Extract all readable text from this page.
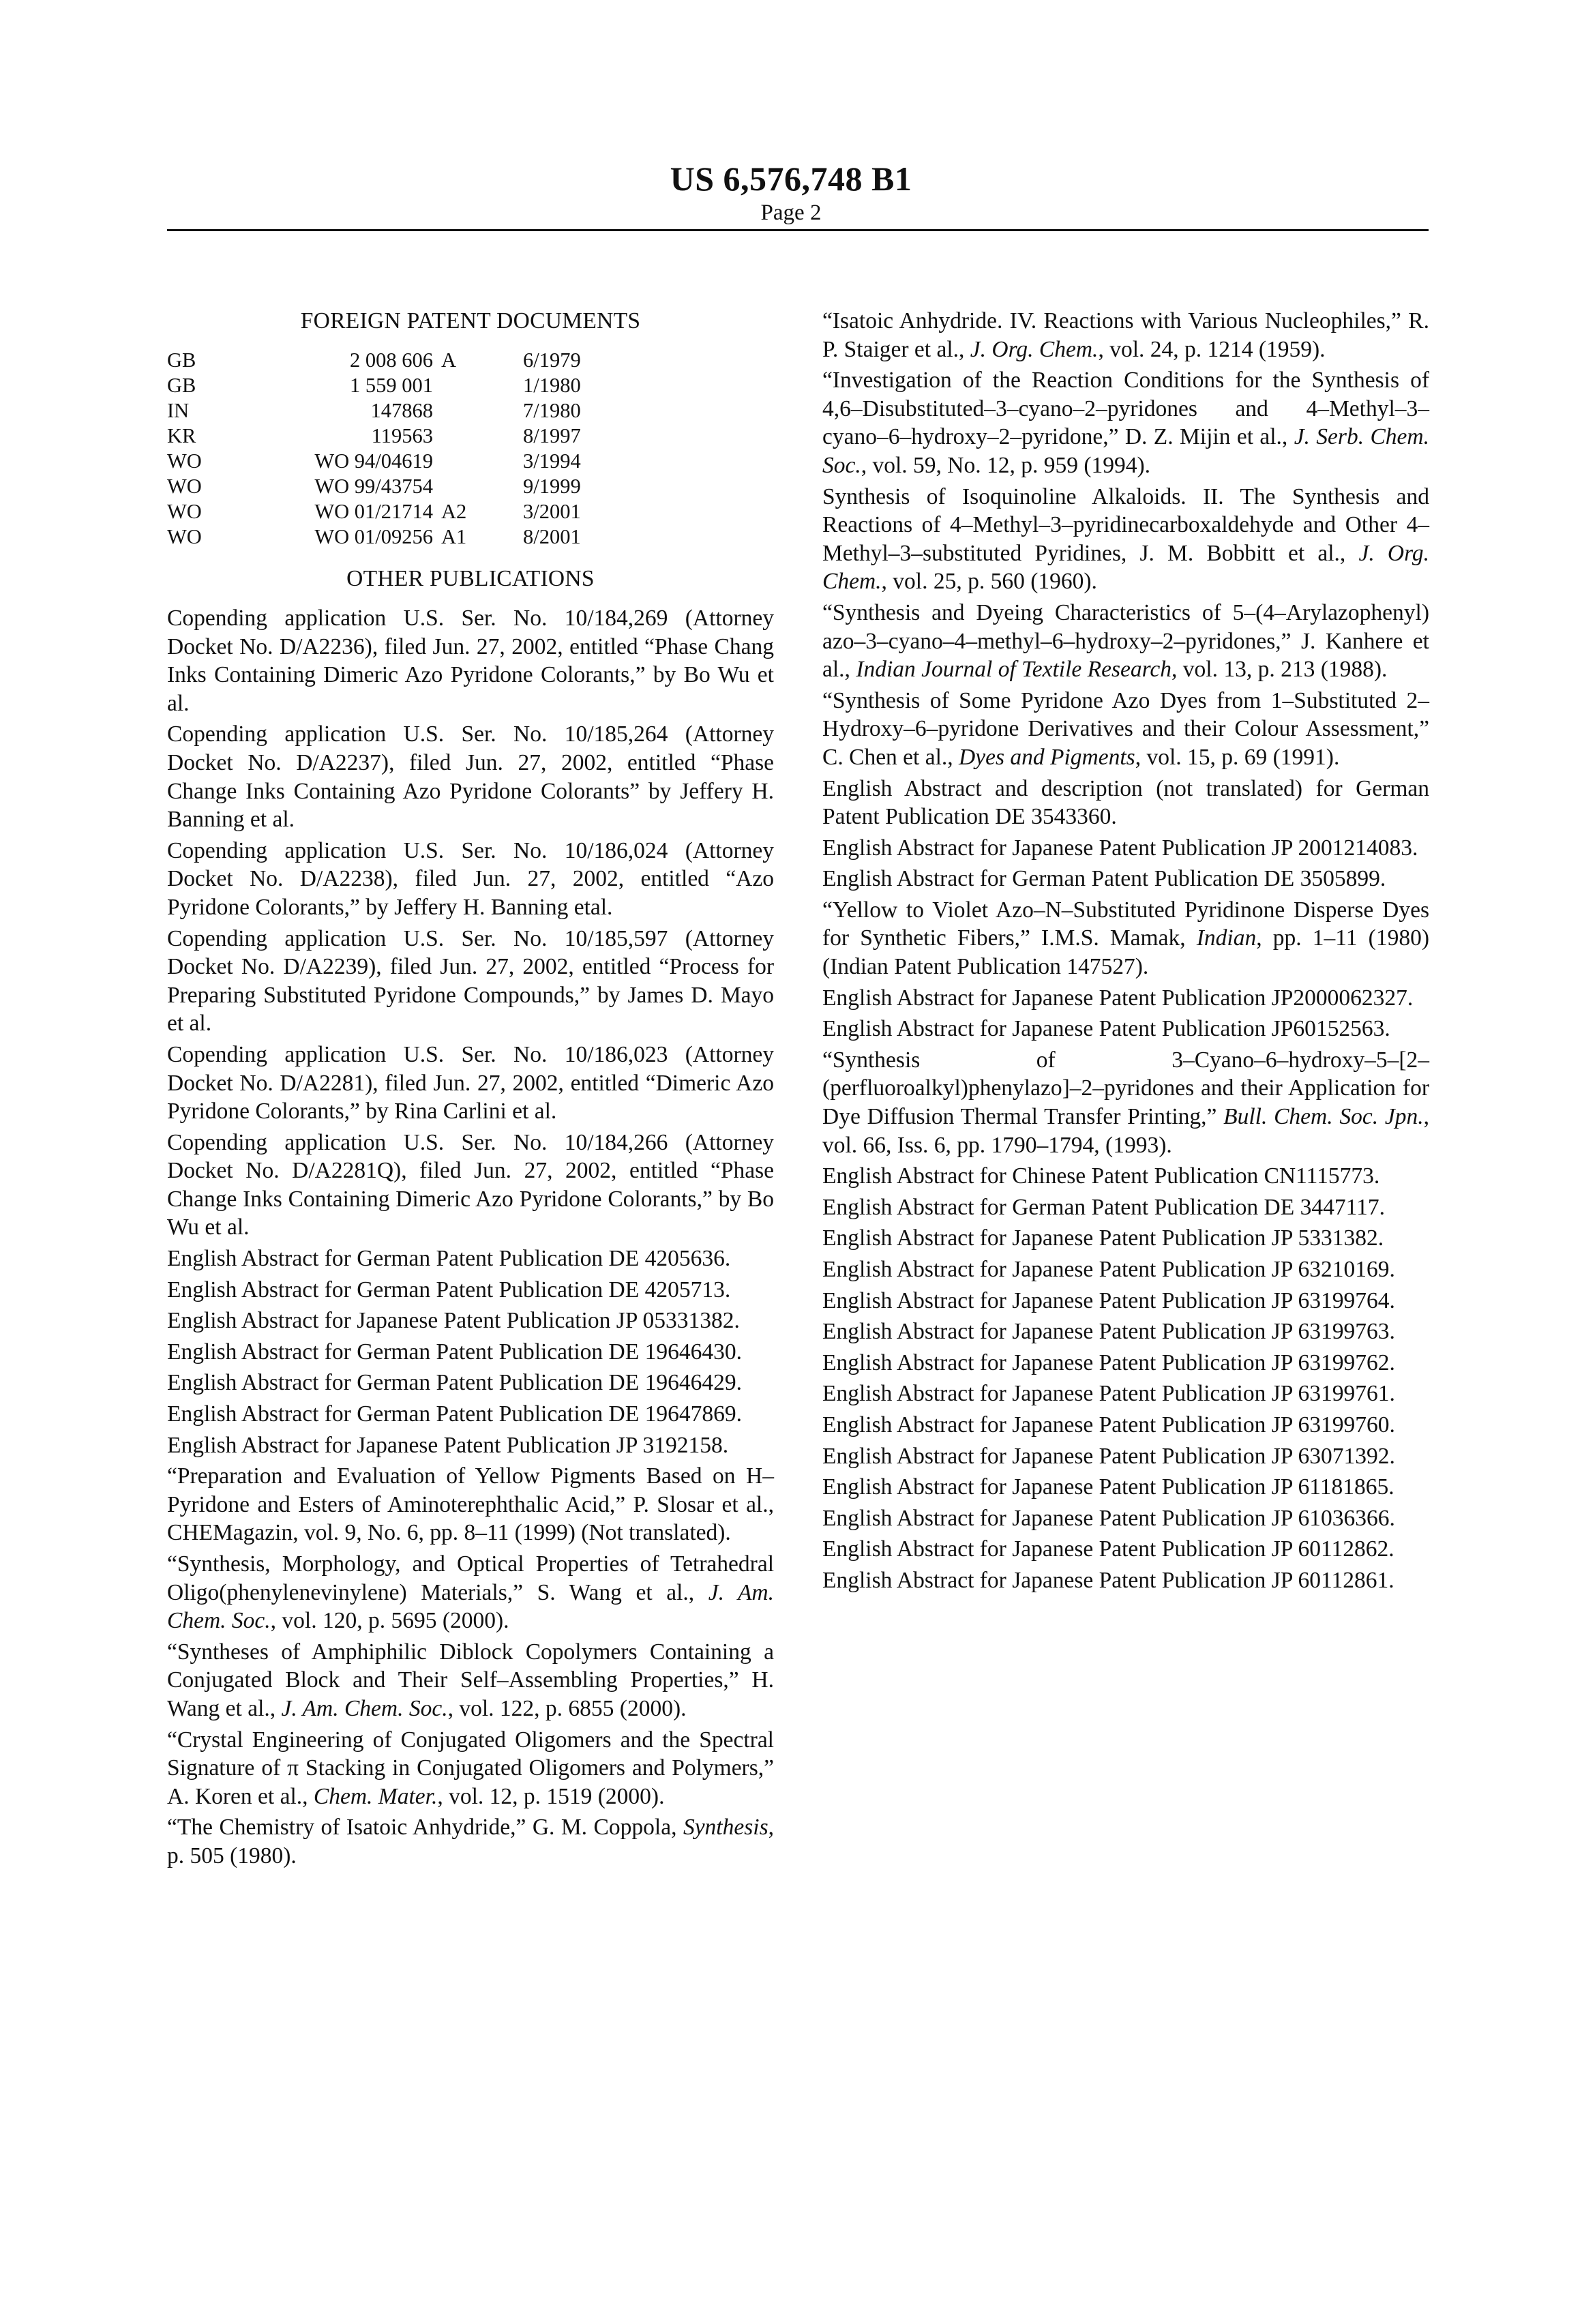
US 6,576,748 B1
Page 2
FOREIGN PATENT DOCUMENTS
GB	2 008 606	A	6/1979
GB	1 559 001		1/1980
IN	147868		7/1980
KR	119563		8/1997
WO	WO 94/04619		3/1994
WO	WO 99/43754		9/1999
WO	WO 01/21714	A2	3/2001
WO	WO 01/09256	A1	8/2001
OTHER PUBLICATIONS
Copending application U.S. Ser. No. 10/184,269 (Attorney Docket No. D/A2236), filed Jun. 27, 2002, entitled “Phase Chang Inks Containing Dimeric Azo Pyridone Colorants,” by Bo Wu et al.
Copending application U.S. Ser. No. 10/185,264 (Attorney Docket No. D/A2237), filed Jun. 27, 2002, entitled “Phase Change Inks Containing Azo Pyridone Colorants” by Jeffery H. Banning et al.
Copending application U.S. Ser. No. 10/186,024 (Attorney Docket No. D/A2238), filed Jun. 27, 2002, entitled “Azo Pyridone Colorants,” by Jeffery H. Banning etal.
Copending application U.S. Ser. No. 10/185,597 (Attorney Docket No. D/A2239), filed Jun. 27, 2002, entitled “Process for Preparing Substituted Pyridone Compounds,” by James D. Mayo et al.
Copending application U.S. Ser. No. 10/186,023 (Attorney Docket No. D/A2281), filed Jun. 27, 2002, entitled “Dimeric Azo Pyridone Colorants,” by Rina Carlini et al.
Copending application U.S. Ser. No. 10/184,266 (Attorney Docket No. D/A2281Q), filed Jun. 27, 2002, entitled “Phase Change Inks Containing Dimeric Azo Pyridone Colorants,” by Bo Wu et al.
English Abstract for German Patent Publication DE 4205636.
English Abstract for German Patent Publication DE 4205713.
English Abstract for Japanese Patent Publication JP 05331382.
English Abstract for German Patent Publication DE 19646430.
English Abstract for German Patent Publication DE 19646429.
English Abstract for German Patent Publication DE 19647869.
English Abstract for Japanese Patent Publication JP 3192158.
“Preparation and Evaluation of Yellow Pigments Based on H–Pyridone and Esters of Aminoterephthalic Acid,” P. Slosar et al., CHEMagazin, vol. 9, No. 6, pp. 8–11 (1999) (Not translated).
“Synthesis, Morphology, and Optical Properties of Tetrahedral Oligo(phenylenevinylene) Materials,” S. Wang et al., J. Am. Chem. Soc., vol. 120, p. 5695 (2000).
“Syntheses of Amphiphilic Diblock Copolymers Containing a Conjugated Block and Their Self–Assembling Properties,” H. Wang et al., J. Am. Chem. Soc., vol. 122, p. 6855 (2000).
“Crystal Engineering of Conjugated Oligomers and the Spectral Signature of π Stacking in Conjugated Oligomers and Polymers,” A. Koren et al., Chem. Mater., vol. 12, p. 1519 (2000).
“The Chemistry of Isatoic Anhydride,” G. M. Coppola, Synthesis, p. 505 (1980).
“Isatoic Anhydride. IV. Reactions with Various Nucleophiles,” R. P. Staiger et al., J. Org. Chem., vol. 24, p. 1214 (1959).
“Investigation of the Reaction Conditions for the Synthesis of 4,6–Disubstituted–3–cyano–2–pyridones and 4–Methyl–3–cyano–6–hydroxy–2–pyridone,” D. Z. Mijin et al., J. Serb. Chem. Soc., vol. 59, No. 12, p. 959 (1994).
Synthesis of Isoquinoline Alkaloids. II. The Synthesis and Reactions of 4–Methyl–3–pyridinecarboxaldehyde and Other 4–Methyl–3–substituted Pyridines, J. M. Bobbitt et al., J. Org. Chem., vol. 25, p. 560 (1960).
“Synthesis and Dyeing Characteristics of 5–(4–Arylazophenyl) azo–3–cyano–4–methyl–6–hydroxy–2–pyridones,” J. Kanhere et al., Indian Journal of Textile Research, vol. 13, p. 213 (1988).
“Synthesis of Some Pyridone Azo Dyes from 1–Substituted 2–Hydroxy–6–pyridone Derivatives and their Colour Assessment,” C. Chen et al., Dyes and Pigments, vol. 15, p. 69 (1991).
English Abstract and description (not translated) for German Patent Publication DE 3543360.
English Abstract for Japanese Patent Publication JP 2001214083.
English Abstract for German Patent Publication DE 3505899.
“Yellow to Violet Azo–N–Substituted Pyridinone Disperse Dyes for Synthetic Fibers,” I.M.S. Mamak, Indian, pp. 1–11 (1980) (Indian Patent Publication 147527).
English Abstract for Japanese Patent Publication JP2000062327.
English Abstract for Japanese Patent Publication JP60152563.
“Synthesis of 3–Cyano–6–hydroxy–5–[2–(perfluoroalkyl)phenylazo]–2–pyridones and their Application for Dye Diffusion Thermal Transfer Printing,” Bull. Chem. Soc. Jpn., vol. 66, Iss. 6, pp. 1790–1794, (1993).
English Abstract for Chinese Patent Publication CN1115773.
English Abstract for German Patent Publication DE 3447117.
English Abstract for Japanese Patent Publication JP 5331382.
English Abstract for Japanese Patent Publication JP 63210169.
English Abstract for Japanese Patent Publication JP 63199764.
English Abstract for Japanese Patent Publication JP 63199763.
English Abstract for Japanese Patent Publication JP 63199762.
English Abstract for Japanese Patent Publication JP 63199761.
English Abstract for Japanese Patent Publication JP 63199760.
English Abstract for Japanese Patent Publication JP 63071392.
English Abstract for Japanese Patent Publication JP 61181865.
English Abstract for Japanese Patent Publication JP 61036366.
English Abstract for Japanese Patent Publication JP 60112862.
English Abstract for Japanese Patent Publication JP 60112861.
